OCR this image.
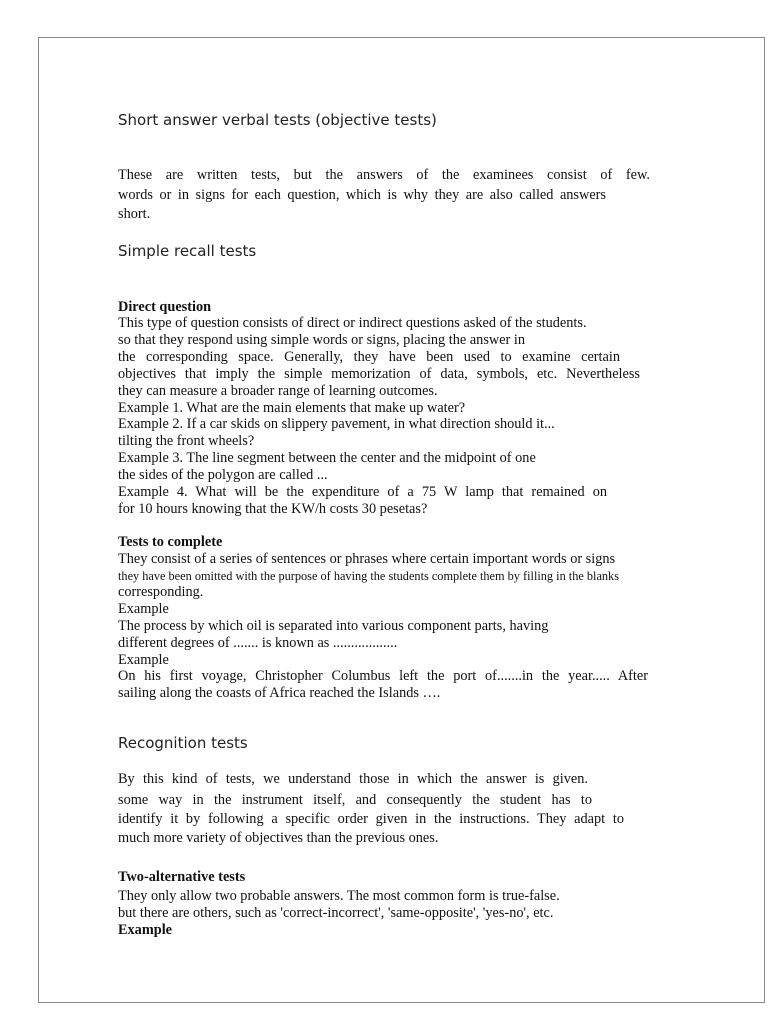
Short answer verbal tests (objective tests)
These are written tests, but the answers of the examinees consist of few.
words or in signs for each question, which is why they are also called answers
short.
Simple recall tests
Direct question
This type of question consists of direct or indirect questions asked of the students.
so that they respond using simple words or signs, placing the answer in
the corresponding space. Generally, they have been used to examine certain
objectives that imply the simple memorization of data, symbols, etc. Nevertheless
they can measure a broader range of learning outcomes.
Example 1. What are the main elements that make up water?
Example 2. If a car skids on slippery pavement, in what direction should it...
tilting the front wheels?
Example 3. The line segment between the center and the midpoint of one
the sides of the polygon are called ...
Example 4. What will be the expenditure of a 75 W lamp that remained on
for 10 hours knowing that the KW/h costs 30 pesetas?
Tests to complete
They consist of a series of sentences or phrases where certain important words or signs
they have been omitted with the purpose of having the students complete them by filling in the blanks
corresponding.
Example
The process by which oil is separated into various component parts, having
different degrees of ....... is known as ..................
Example
On his first voyage, Christopher Columbus left the port of.......in the year..... After
sailing along the coasts of Africa reached the Islands ….
Recognition tests
By this kind of tests, we understand those in which the answer is given.
some way in the instrument itself, and consequently the student has to
identify it by following a specific order given in the instructions. They adapt to
much more variety of objectives than the previous ones.
Two-alternative tests
They only allow two probable answers. The most common form is true-false.
but there are others, such as 'correct-incorrect', 'same-opposite', 'yes-no', etc.
Example
